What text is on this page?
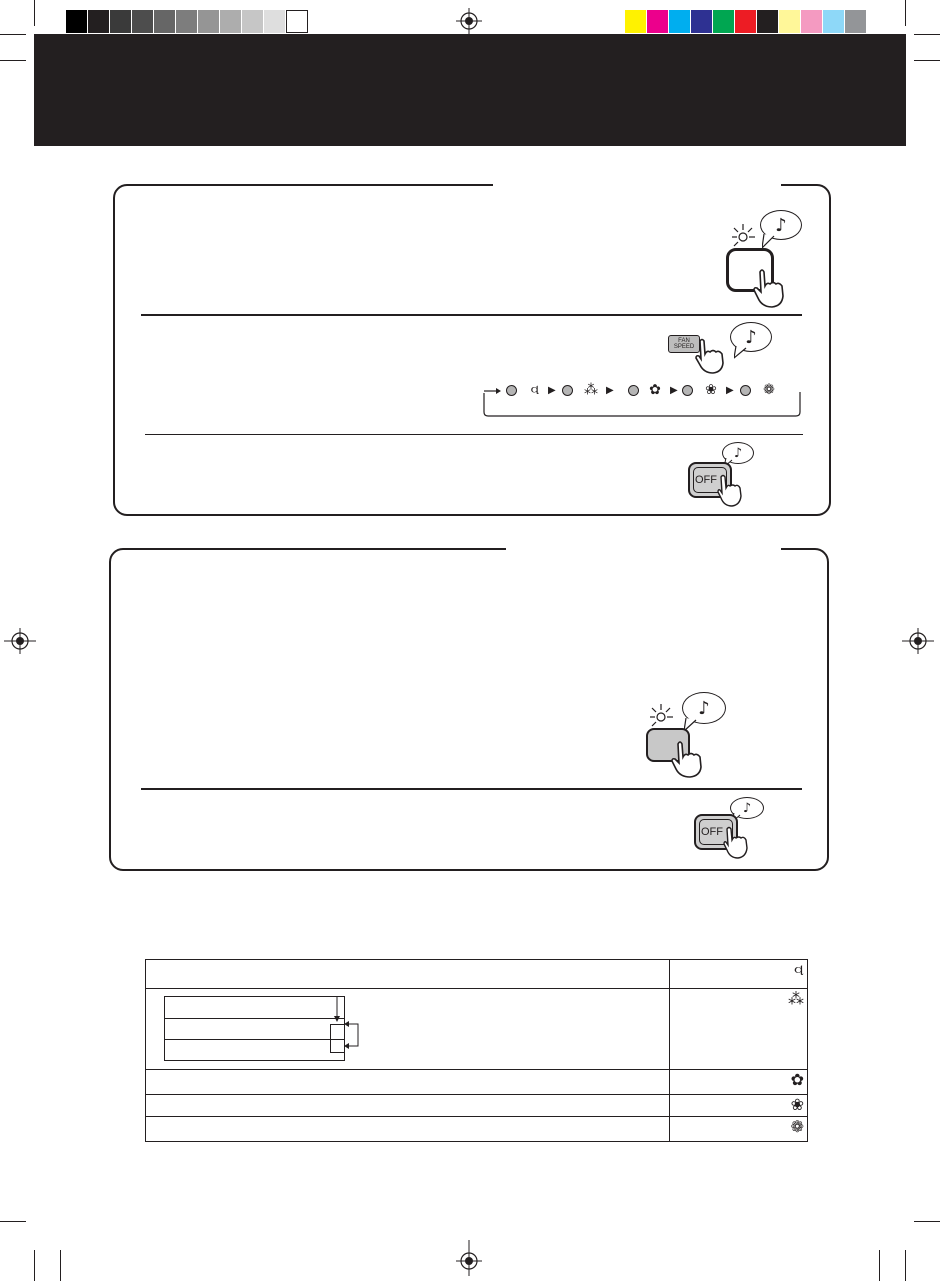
♪
FAN
SPEED	♪
વ ▶ ⁂ ▶	✿ ▶ ❀ ▶ ❁
♪
OFF
♪
♪
OFF
	વ
	⁂
	✿
	❀
	❁
